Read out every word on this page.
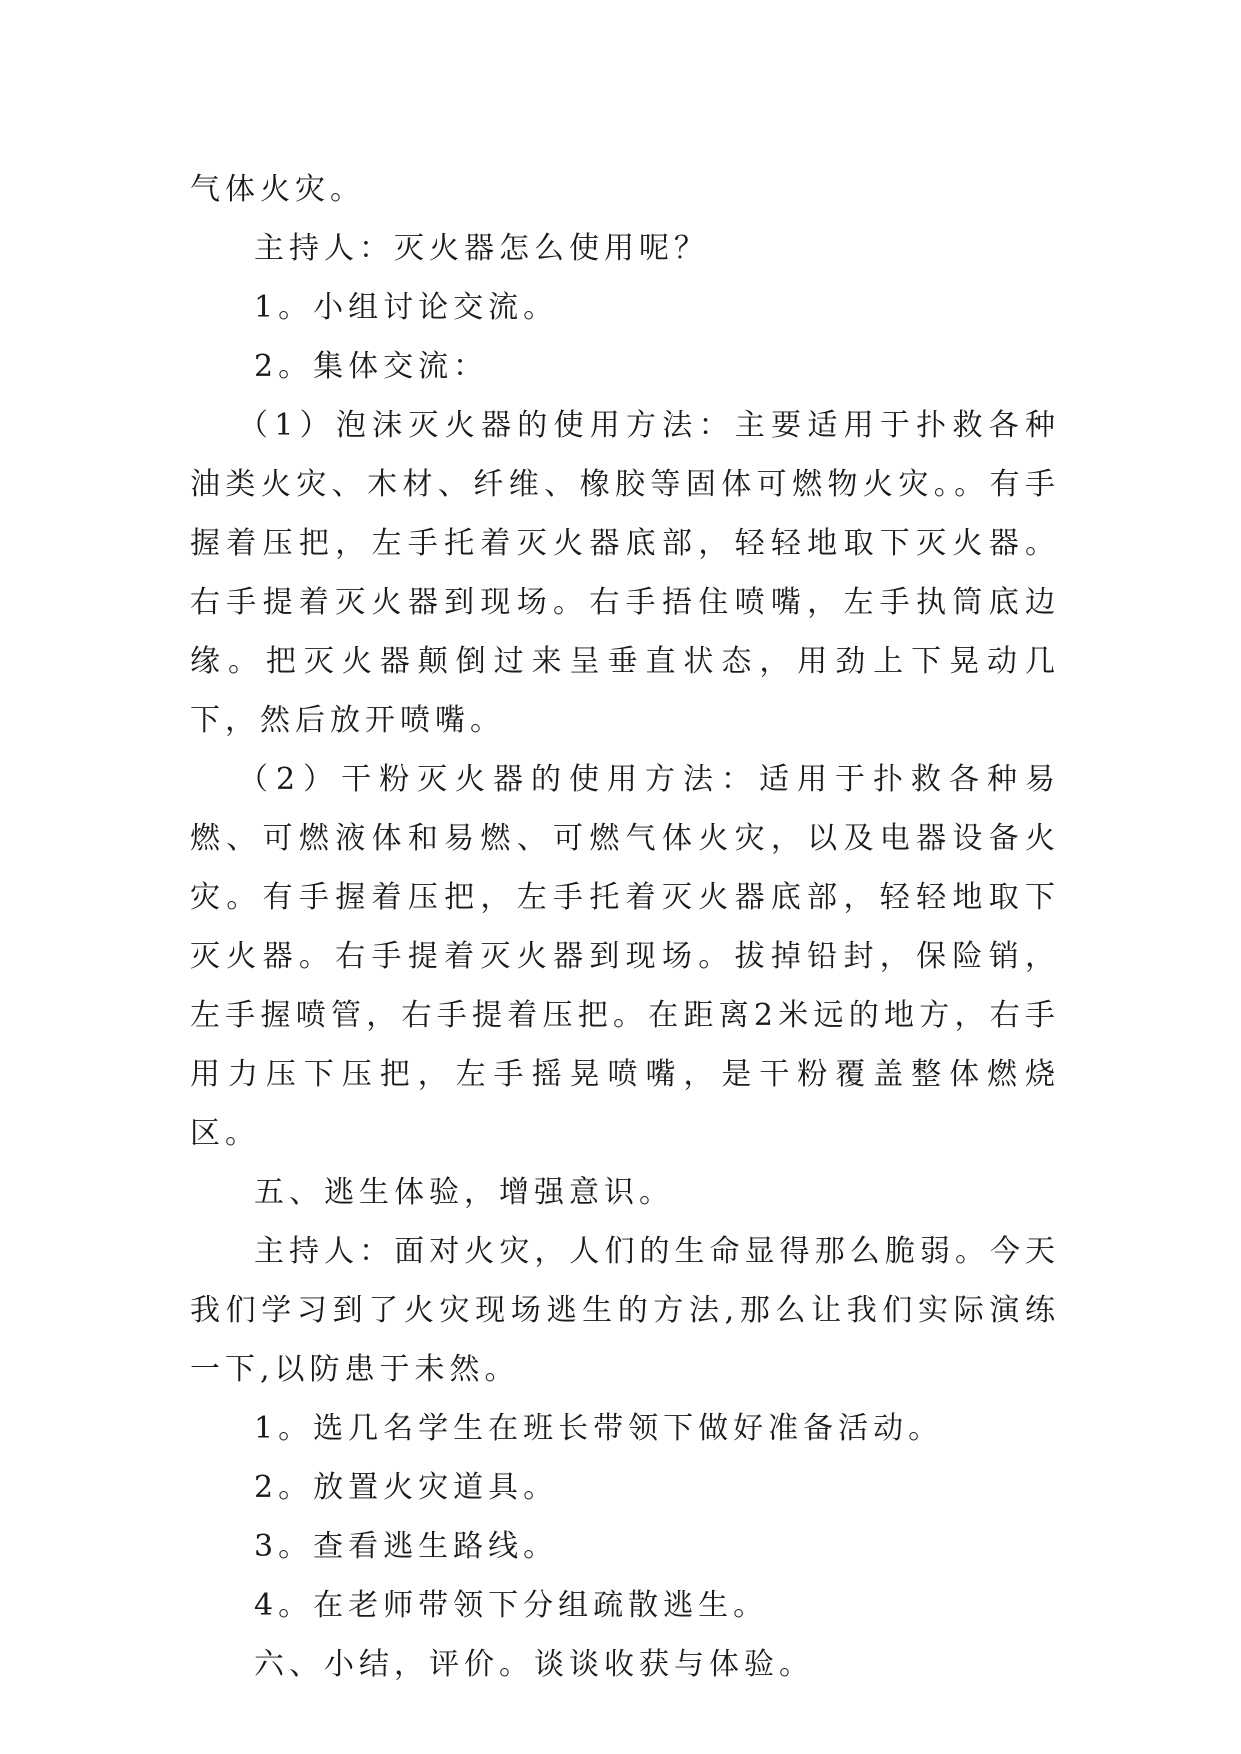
气体火灾。

主持人：灭火器怎么使用呢？

1。小组讨论交流。

2。集体交流：

（1）泡沫灭火器的使用方法：主要适用于扑救各种油类火灾、木材、纤维、橡胶等固体可燃物火灾。。有手握着压把，左手托着灭火器底部，轻轻地取下灭火器。右手提着灭火器到现场。右手捂住喷嘴，左手执筒底边缘。把灭火器颠倒过来呈垂直状态，用劲上下晃动几下，然后放开喷嘴。

（2）干粉灭火器的使用方法：适用于扑救各种易燃、可燃液体和易燃、可燃气体火灾，以及电器设备火灾。有手握着压把，左手托着灭火器底部，轻轻地取下灭火器。右手提着灭火器到现场。拔掉铅封，保险销，左手握喷管，右手提着压把。在距离2米远的地方，右手用力压下压把，左手摇晃喷嘴，是干粉覆盖整体燃烧区。

五、逃生体验，增强意识。

主持人：面对火灾，人们的生命显得那么脆弱。今天我们学习到了火灾现场逃生的方法,那么让我们实际演练一下,以防患于未然。

1。选几名学生在班长带领下做好准备活动。

2。放置火灾道具。

3。查看逃生路线。

4。在老师带领下分组疏散逃生。

六、小结，评价。谈谈收获与体验。
